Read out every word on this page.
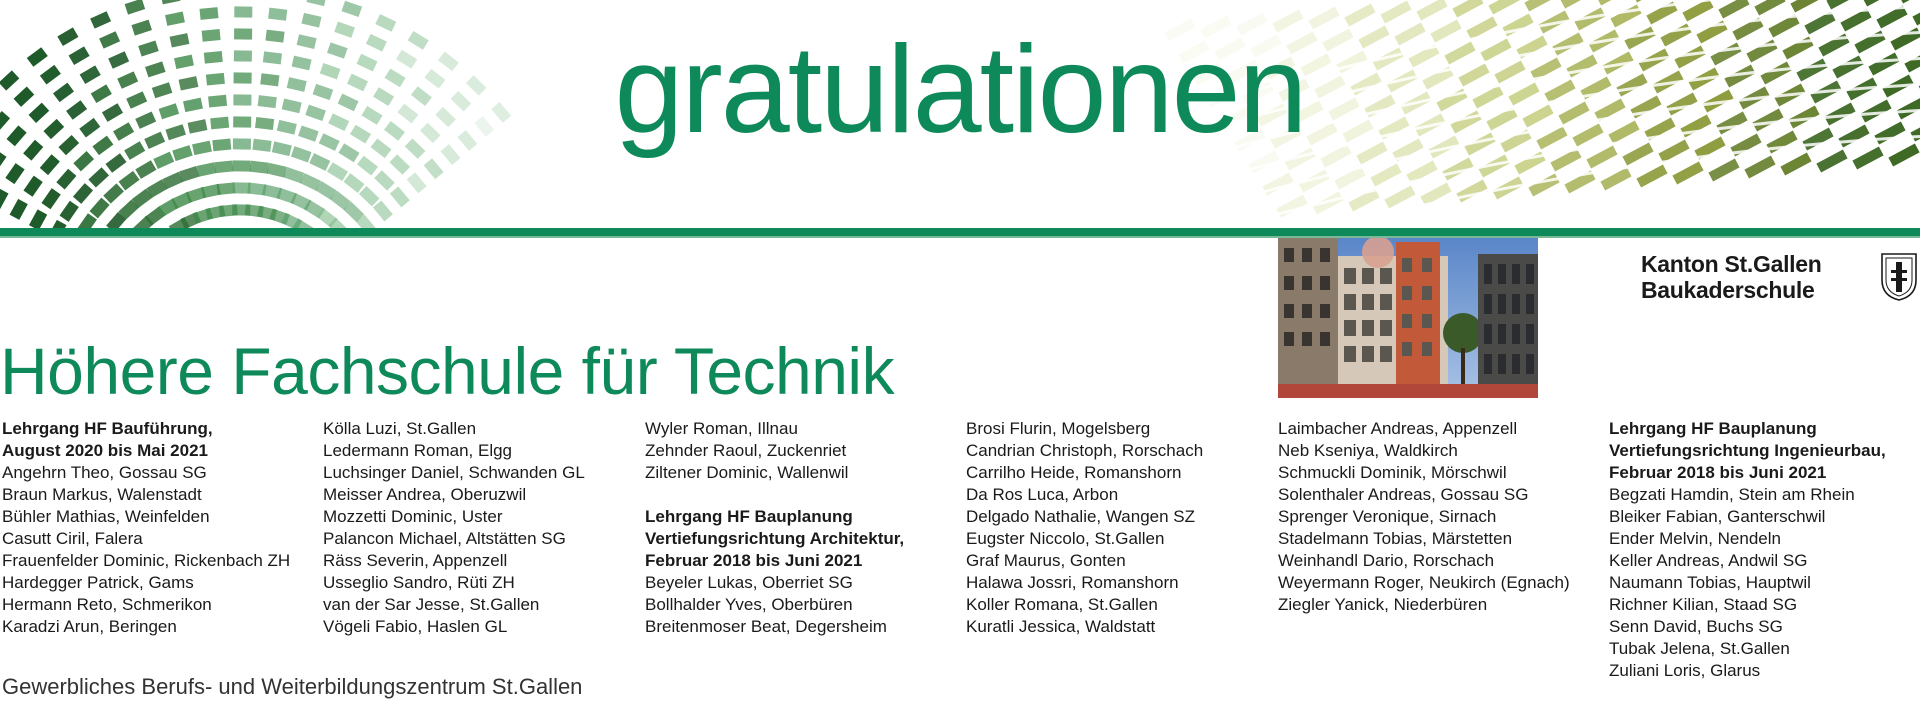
gratulationen
Kanton St.Gallen
Baukaderschule
Höhere Fachschule für Technik
Lehrgang HF Bauführung,
August 2020 bis Mai 2021
Angehrn Theo, Gossau SG
Braun Markus, Walenstadt
Bühler Mathias, Weinfelden
Casutt Ciril, Falera
Frauenfelder Dominic, Rickenbach ZH
Hardegger Patrick, Gams
Hermann Reto, Schmerikon
Karadzi Arun, Beringen
Kölla Luzi, St.Gallen
Ledermann Roman, Elgg
Luchsinger Daniel, Schwanden GL
Meisser Andrea, Oberuzwil
Mozzetti Dominic, Uster
Palancon Michael, Altstätten SG
Räss Severin, Appenzell
Usseglio Sandro, Rüti ZH
van der Sar Jesse, St.Gallen
Vögeli Fabio, Haslen GL
Wyler Roman, Illnau
Zehnder Raoul, Zuckenriet
Ziltener Dominic, Wallenwil
Lehrgang HF Bauplanung
Vertiefungsrichtung Architektur,
Februar 2018 bis Juni 2021
Beyeler Lukas, Oberriet SG
Bollhalder Yves, Oberbüren
Breitenmoser Beat, Degersheim
Brosi Flurin, Mogelsberg
Candrian Christoph, Rorschach
Carrilho Heide, Romanshorn
Da Ros Luca, Arbon
Delgado Nathalie, Wangen SZ
Eugster Niccolo, St.Gallen
Graf Maurus, Gonten
Halawa Jossri, Romanshorn
Koller Romana, St.Gallen
Kuratli Jessica, Waldstatt
Laimbacher Andreas, Appenzell
Neb Kseniya, Waldkirch
Schmuckli Dominik, Mörschwil
Solenthaler Andreas, Gossau SG
Sprenger Veronique, Sirnach
Stadelmann Tobias, Märstetten
Weinhandl Dario, Rorschach
Weyermann Roger, Neukirch (Egnach)
Ziegler Yanick, Niederbüren
Lehrgang HF Bauplanung
Vertiefungsrichtung Ingenieurbau,
Februar 2018 bis Juni 2021
Begzati Hamdin, Stein am Rhein
Bleiker Fabian, Ganterschwil
Ender Melvin, Nendeln
Keller Andreas, Andwil SG
Naumann Tobias, Hauptwil
Richner Kilian, Staad SG
Senn David, Buchs SG
Tubak Jelena, St.Gallen
Zuliani Loris, Glarus
Gewerbliches Berufs- und Weiterbildungszentrum St.Gallen
